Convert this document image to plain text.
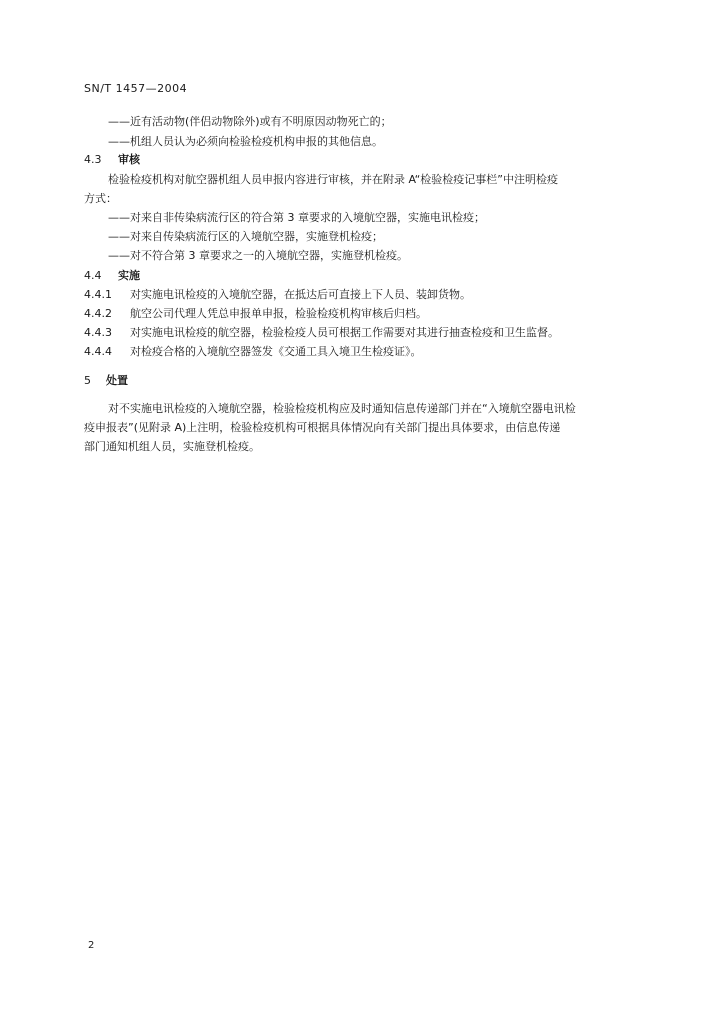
SN/T 1457—2004
——近有活动物(伴侣动物除外)或有不明原因动物死亡的；
——机组人员认为必须向检验检疫机构申报的其他信息。
4.3 审核
检验检疫机构对航空器机组人员申报内容进行审核，并在附录 A“检验检疫记事栏”中注明检疫
方式：
——对来自非传染病流行区的符合第 3 章要求的入境航空器，实施电讯检疫；
——对来自传染病流行区的入境航空器，实施登机检疫；
——对不符合第 3 章要求之一的入境航空器，实施登机检疫。
4.4 实施
4.4.1 对实施电讯检疫的入境航空器，在抵达后可直接上下人员、装卸货物。
4.4.2 航空公司代理人凭总申报单申报，检验检疫机构审核后归档。
4.4.3 对实施电讯检疫的航空器，检验检疫人员可根据工作需要对其进行抽查检疫和卫生监督。
4.4.4 对检疫合格的入境航空器签发《交通工具入境卫生检疫证》。
5 处置
对不实施电讯检疫的入境航空器，检验检疫机构应及时通知信息传递部门并在“入境航空器电讯检
疫申报表”(见附录 A)上注明，检验检疫机构可根据具体情况向有关部门提出具体要求，由信息传递
部门通知机组人员，实施登机检疫。
2
